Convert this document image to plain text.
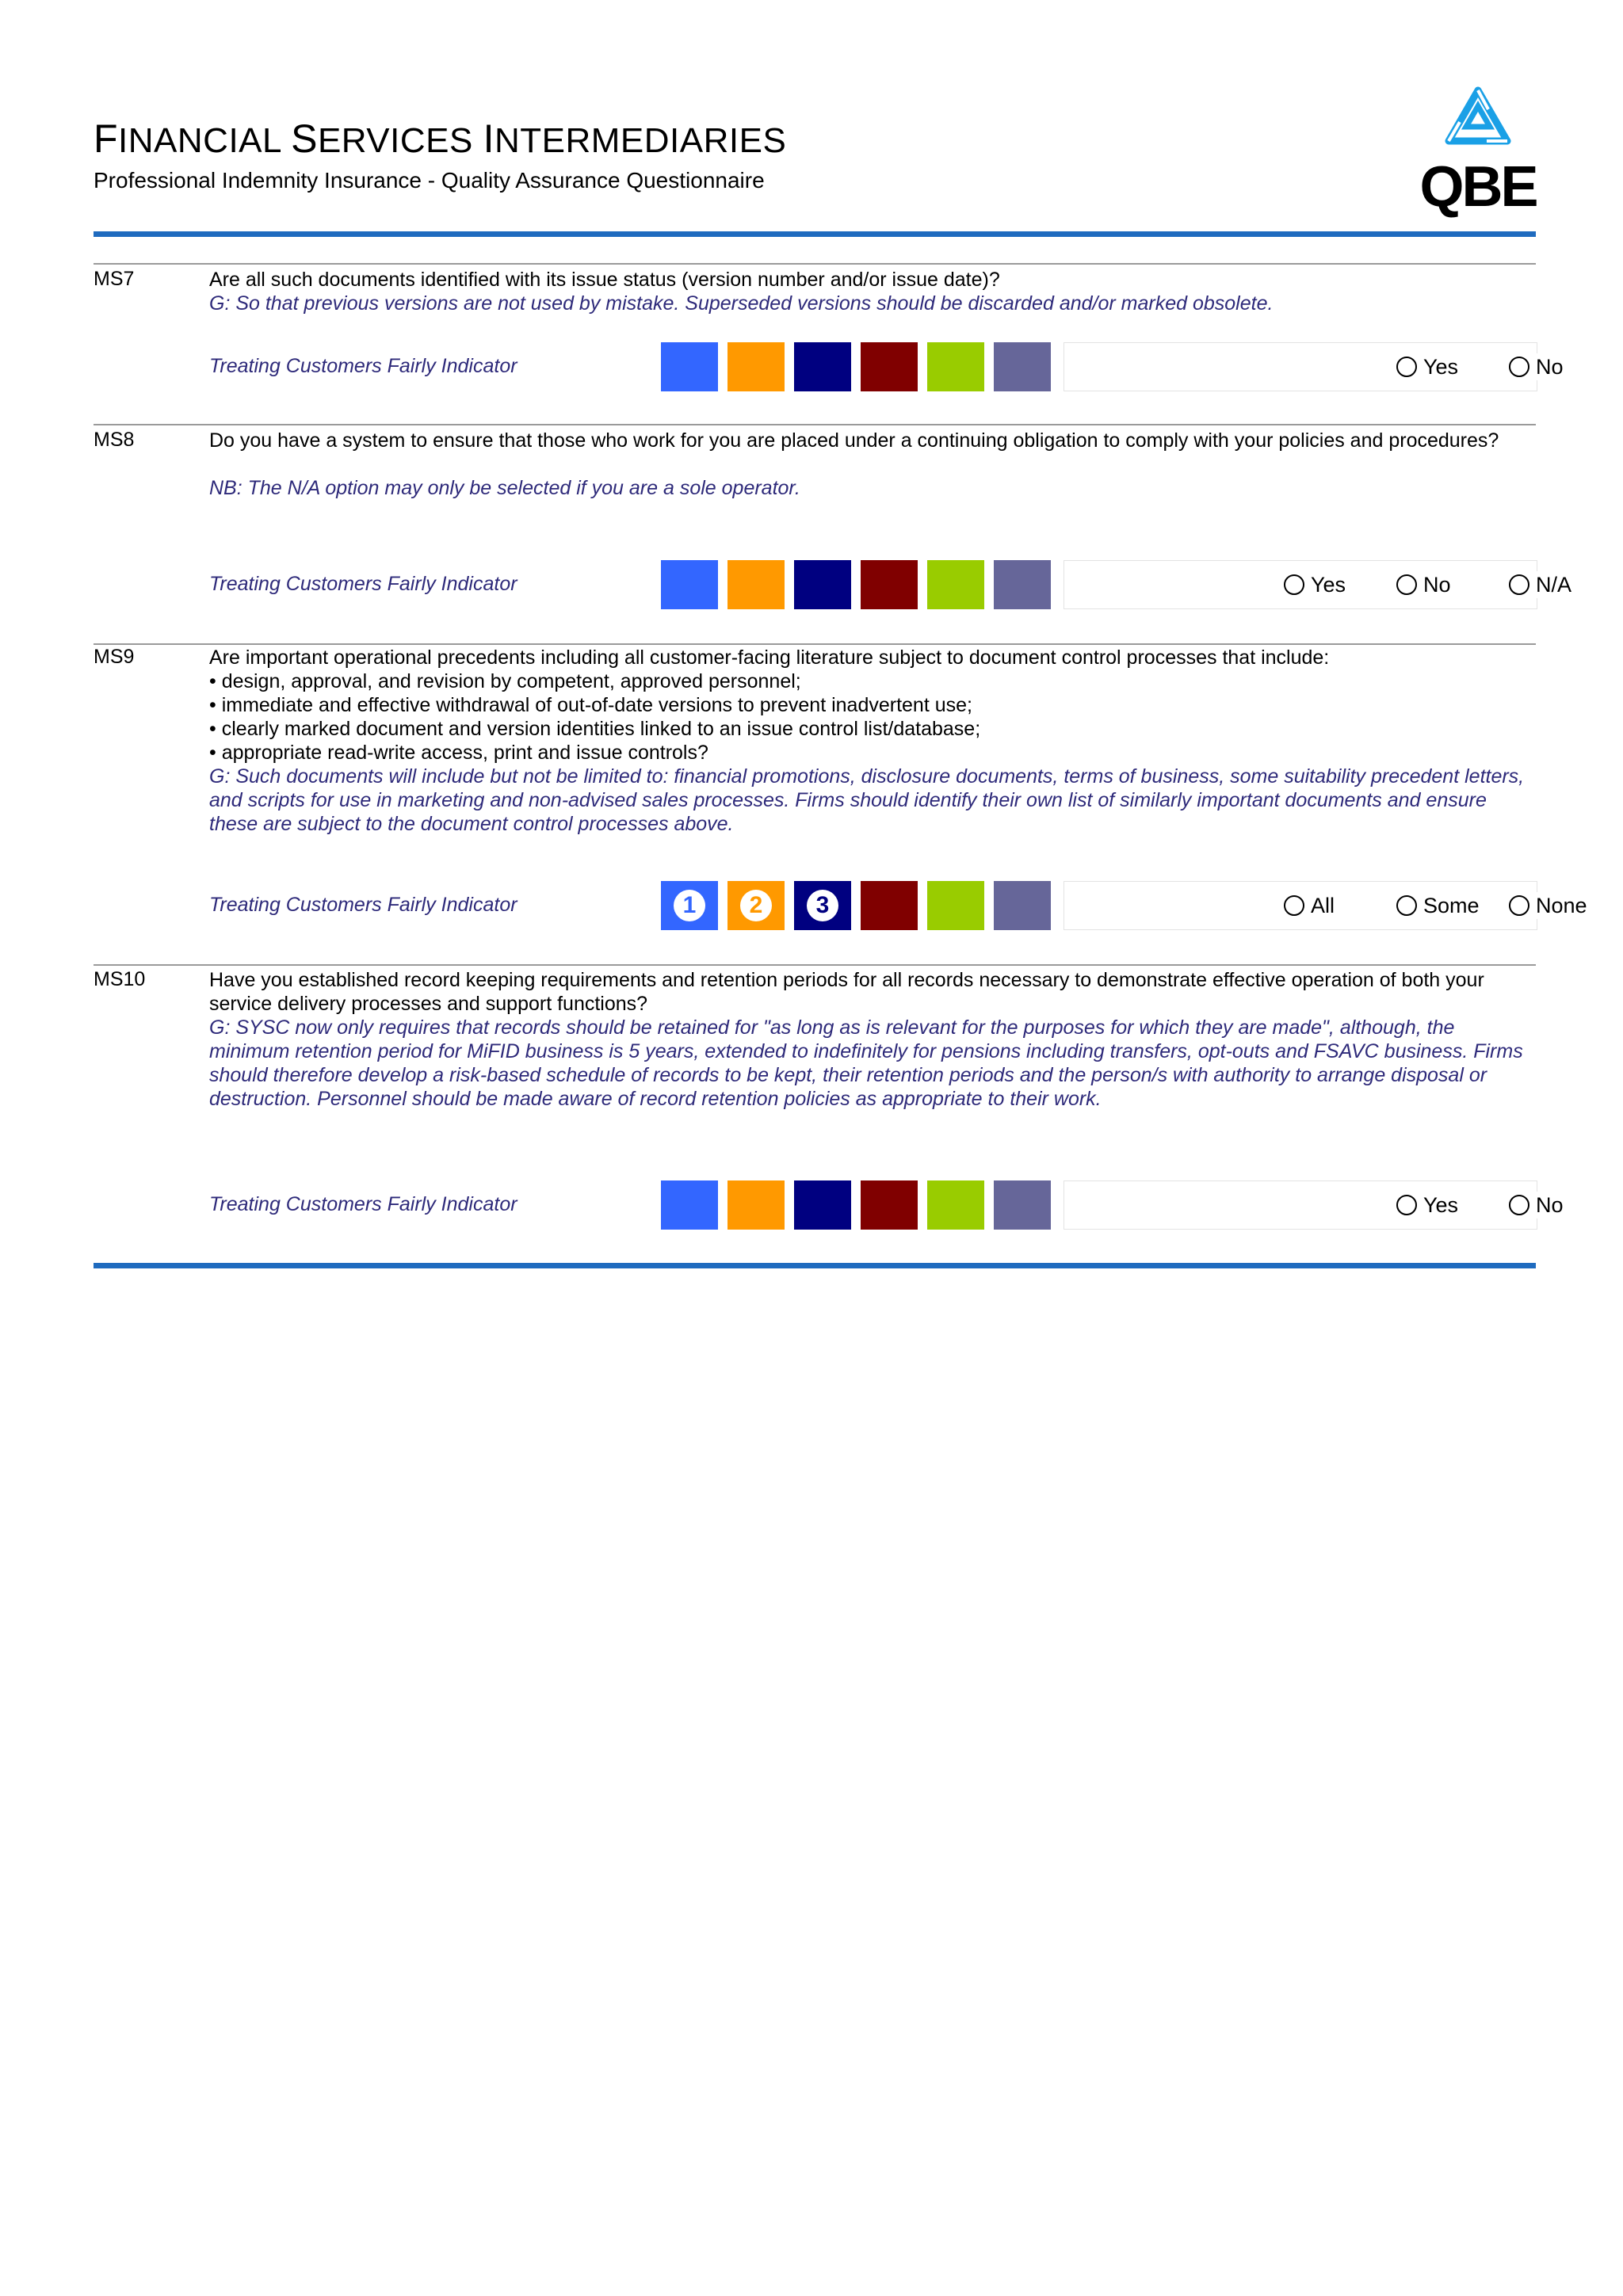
FINANCIAL SERVICES INTERMEDIARIES
Professional Indemnity Insurance - Quality Assurance Questionnaire	QBE
MS7	Are all such documents identified with its issue status (version number and/or issue date)?
G: So that previous versions are not used by mistake. Superseded versions should be discarded and/or marked obsolete.
Treating Customers Fairly Indicator	Yes	No
MS8	Do you have a system to ensure that those who work for you are placed under a continuing obligation to comply with your policies and procedures?
NB: The N/A option may only be selected if you are a sole operator.
Treating Customers Fairly Indicator	Yes	No	N/A
MS9	Are important operational precedents including all customer-facing literature subject to document control processes that include:
• design, approval, and revision by competent, approved personnel;
• immediate and effective withdrawal of out-of-date versions to prevent inadvertent use;
• clearly marked document and version identities linked to an issue control list/database;
• appropriate read-write access, print and issue controls?
G: Such documents will include but not be limited to: financial promotions, disclosure documents, terms of business, some suitability precedent letters, and scripts for use in marketing and non-advised sales processes. Firms should identify their own list of similarly important documents and ensure these are subject to the document control processes above.
Treating Customers Fairly Indicator	1	2	3	All	Some	None
MS10	Have you established record keeping requirements and retention periods for all records necessary to demonstrate effective operation of both your service delivery processes and support functions?
G: SYSC now only requires that records should be retained for "as long as is relevant for the purposes for which they are made", although, the minimum retention period for MiFID business is 5 years, extended to indefinitely for pensions including transfers, opt-outs and FSAVC business. Firms should therefore develop a risk-based schedule of records to be kept, their retention periods and the person/s with authority to arrange disposal or destruction. Personnel should be made aware of record retention policies as appropriate to their work.
Treating Customers Fairly Indicator	Yes	No
